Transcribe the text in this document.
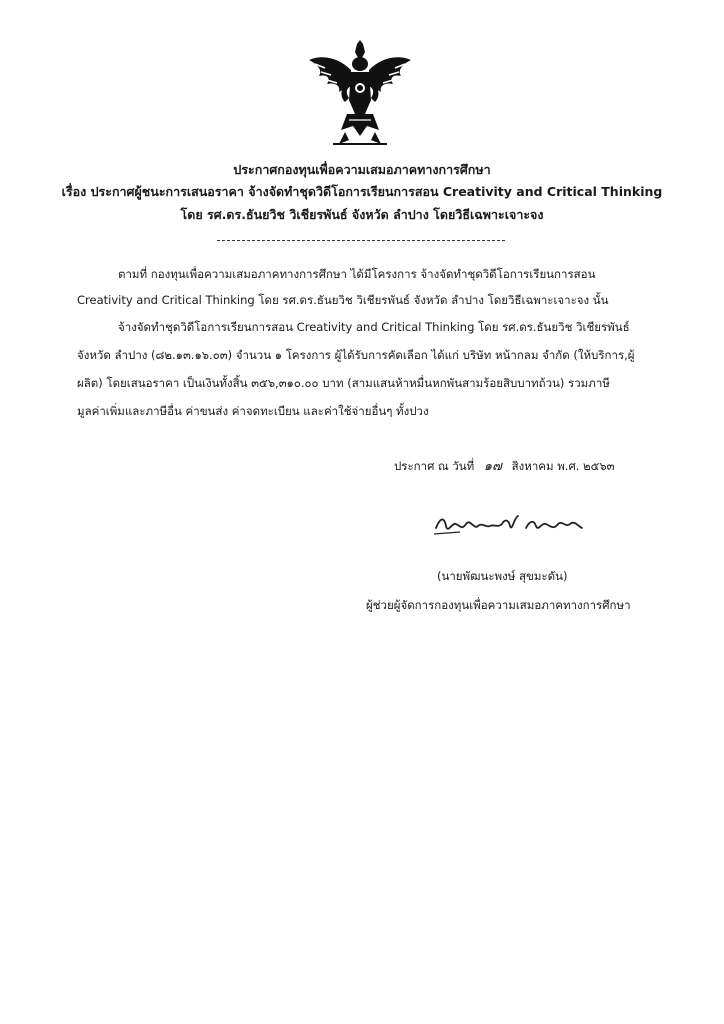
ประกาศกองทุนเพื่อความเสมอภาคทางการศึกษา
เรื่อง ประกาศผู้ชนะการเสนอราคา จ้างจัดทำชุดวิดีโอการเรียนการสอน Creativity and Critical Thinking
โดย รศ.ดร.ธันยวิช วิเชียรพันธ์ จังหวัด ลำปาง โดยวิธีเฉพาะเจาะจง
ตามที่ กองทุนเพื่อความเสมอภาคทางการศึกษา ได้มีโครงการ จ้างจัดทำชุดวิดีโอการเรียนการสอน
Creativity and Critical Thinking โดย รศ.ดร.ธันยวิช วิเชียรพันธ์ จังหวัด ลำปาง โดยวิธีเฉพาะเจาะจง นั้น
จ้างจัดทำชุดวิดีโอการเรียนการสอน Creativity and Critical Thinking โดย รศ.ดร.ธันยวิช วิเชียรพันธ์
จังหวัด ลำปาง (๘๒.๑๓.๑๖.๐๓) จำนวน ๑ โครงการ ผู้ได้รับการคัดเลือก ได้แก่ บริษัท หน้ากลม จำกัด (ให้บริการ,ผู้
ผลิต) โดยเสนอราคา เป็นเงินทั้งสิ้น ๓๕๖,๓๑๐.๐๐ บาท (สามแสนห้าหมื่นหกพันสามร้อยสิบบาทถ้วน) รวมภาษี
มูลค่าเพิ่มและภาษีอื่น ค่าขนส่ง ค่าจดทะเบียน และค่าใช้จ่ายอื่นๆ ทั้งปวง
ประกาศ ณ วันที่ ๑๗ สิงหาคม พ.ศ. ๒๕๖๓
(นายพัฒนะพงษ์ สุขมะดัน)
ผู้ช่วยผู้จัดการกองทุนเพื่อความเสมอภาคทางการศึกษา
